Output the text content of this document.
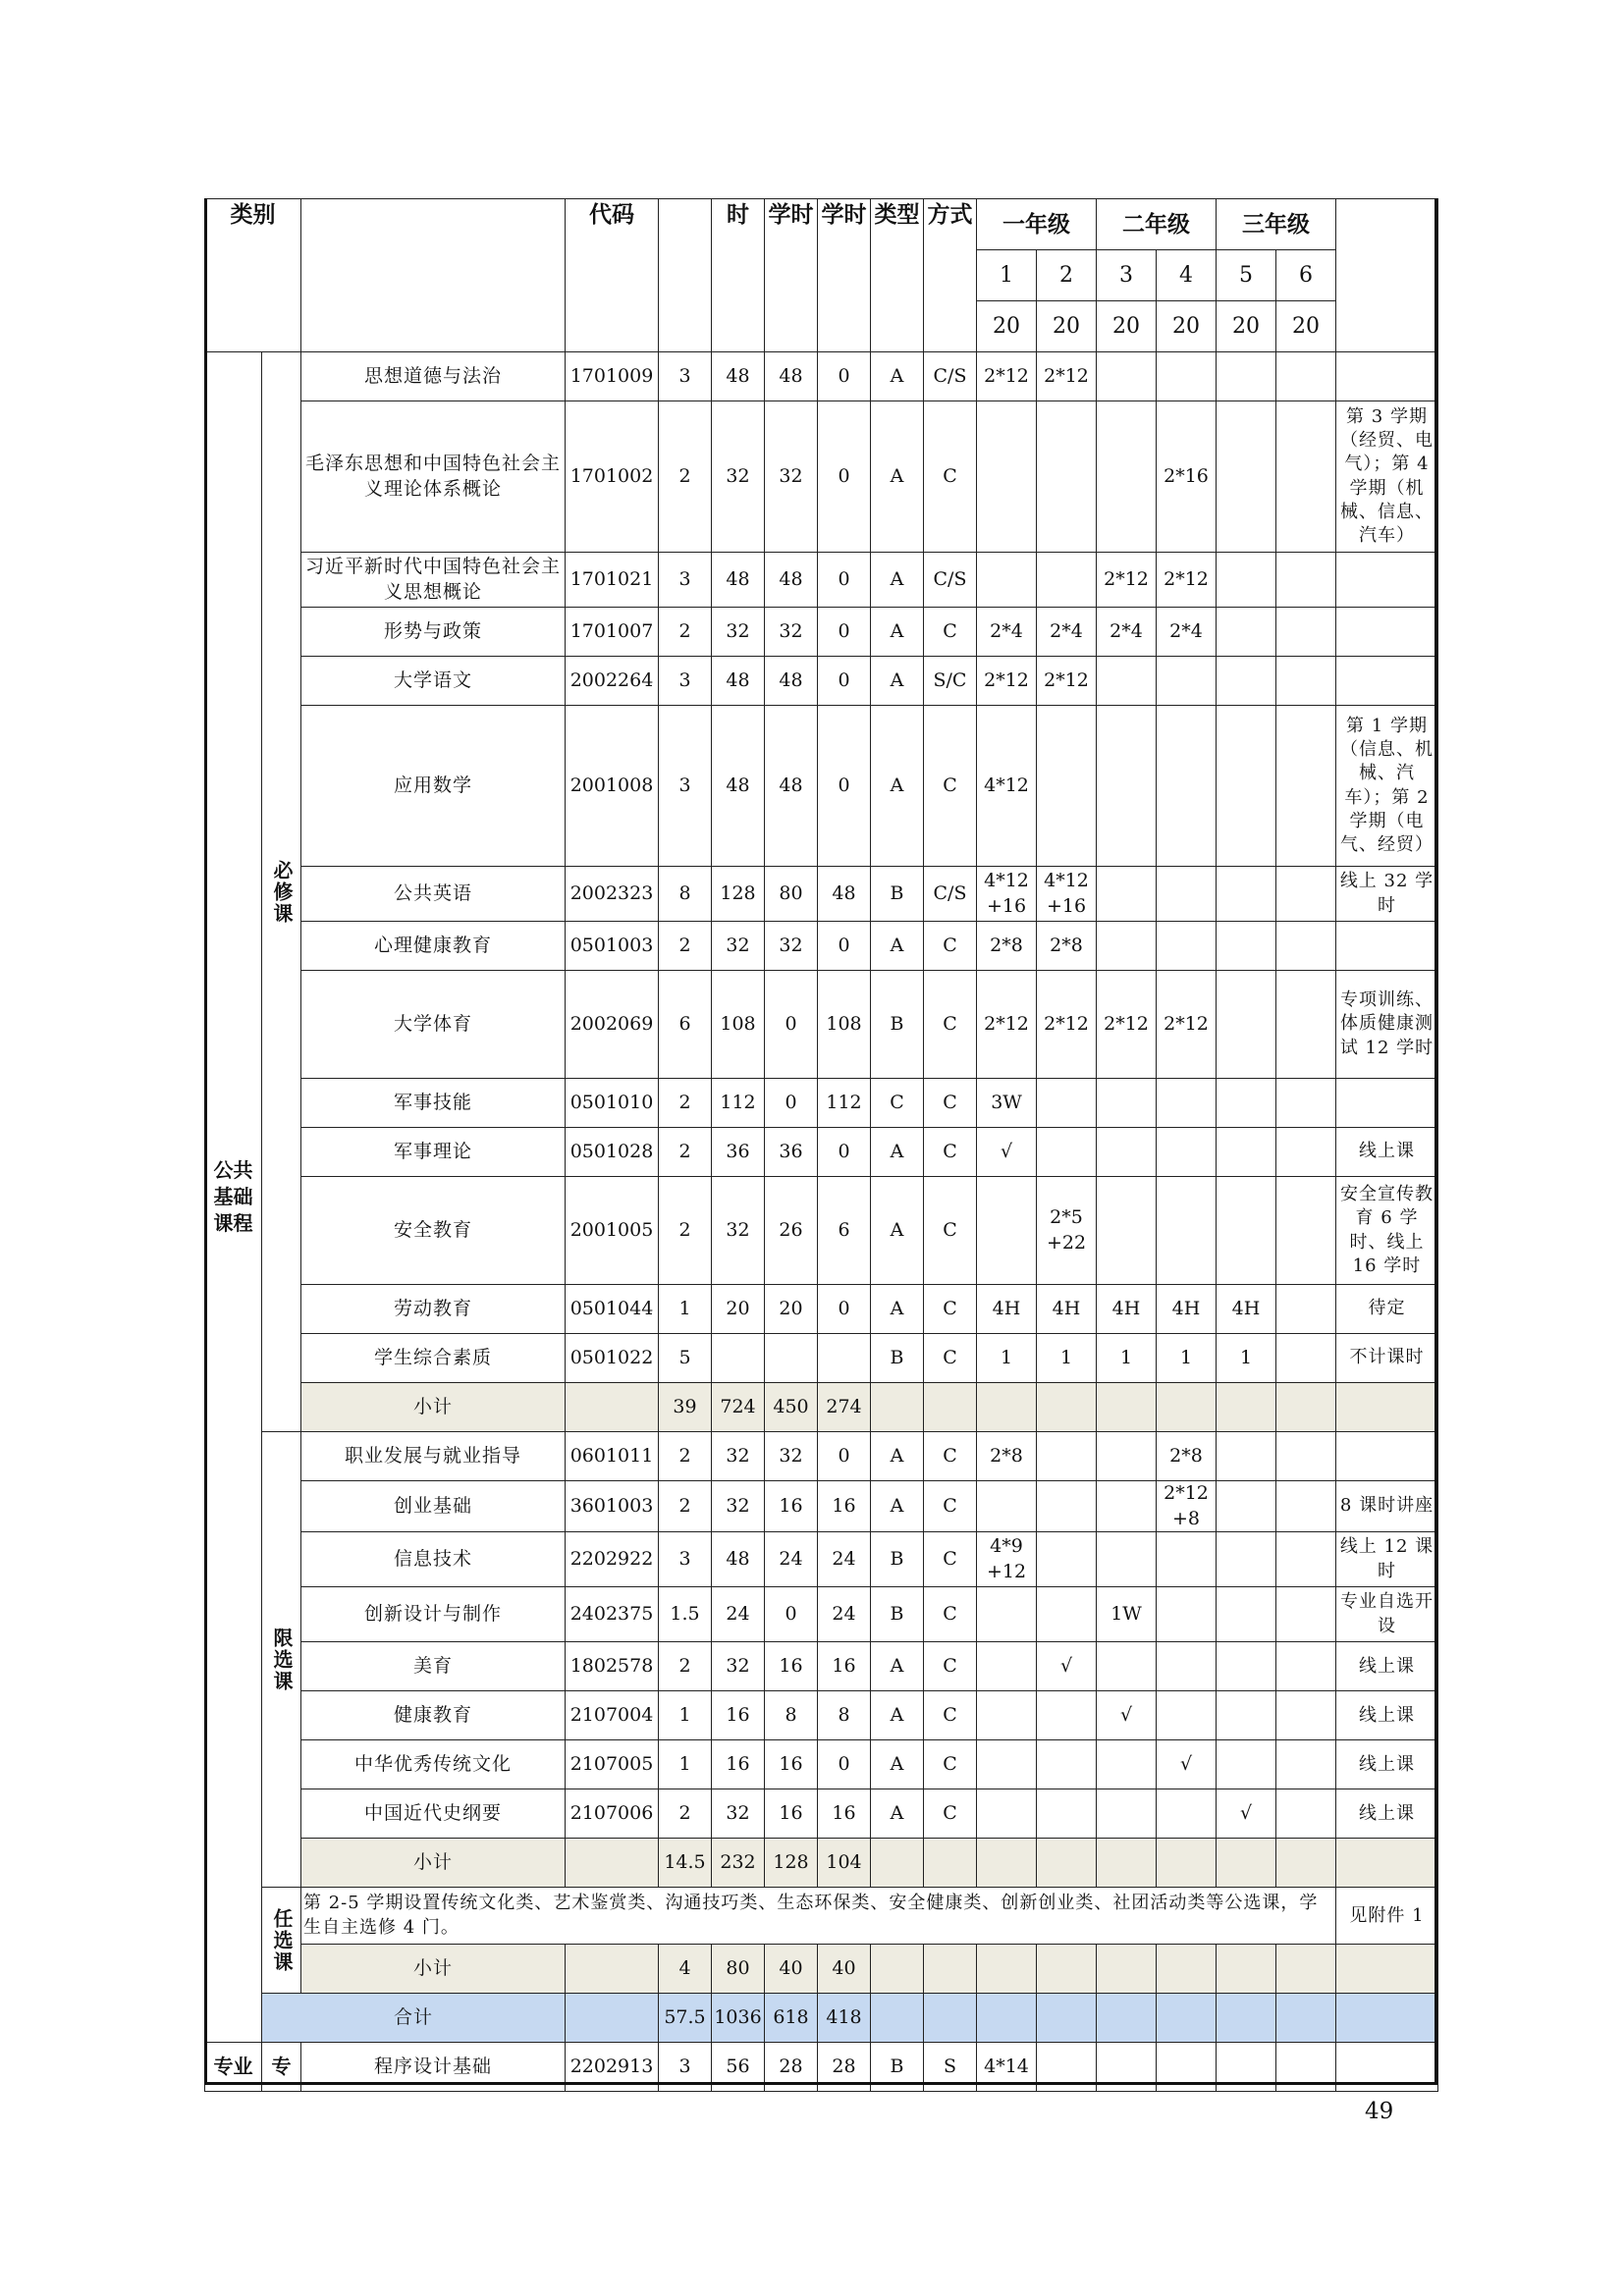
类别			代码		时	学时	学时	类型	方式	一年级		二年级		三年级		
										1	2	3	4	5	6	
										20	20	20	20	20	20	
公共基础课程	必修课	思想道德与法治	1701009	3	48	48	0	A	C/S	2*12	2*12					
		毛泽东思想和中国特色社会主义理论体系概论	1701002	2	32	32	0	A	C				2*16			第 3 学期（经贸、电气）；第 4 学期（机械、信息、汽车）
		习近平新时代中国特色社会主义思想概论	1701021	3	48	48	0	A	C/S			2*12	2*12			
		形势与政策	1701007	2	32	32	0	A	C	2*4	2*4	2*4	2*4			
		大学语文	2002264	3	48	48	0	A	S/C	2*12	2*12					
		应用数学	2001008	3	48	48	0	A	C	4*12						第 1 学期（信息、机械、汽车）；第 2 学期（电气、经贸）
		公共英语	2002323	8	128	80	48	B	C/S	4*12 +16	4*12 +16					线上 32 学时
		心理健康教育	0501003	2	32	32	0	A	C	2*8	2*8					
		大学体育	2002069	6	108	0	108	B	C	2*12	2*12	2*12	2*12			专项训练、体质健康测试 12 学时
		军事技能	0501010	2	112	0	112	C	C	3W						
		军事理论	0501028	2	36	36	0	A	C	√						线上课
		安全教育	2001005	2	32	26	6	A	C		2*5 +22					安全宣传教育 6 学时、线上 16 学时
		劳动教育	0501044	1	20	20	0	A	C	4H	4H	4H	4H	4H		待定
		学生综合素质	0501022	5				B	C	1	1	1	1	1		不计课时
		小计		39	724	450	274									
	限选课	职业发展与就业指导	0601011	2	32	32	0	A	C	2*8			2*8			
		创业基础	3601003	2	32	16	16	A	C				2*12 +8			8 课时讲座
		信息技术	2202922	3	48	24	24	B	C	4*9 +12						线上 12 课时
		创新设计与制作	2402375	1.5	24	0	24	B	C			1W				专业自选开设
		美育	1802578	2	32	16	16	A	C		√					线上课
		健康教育	2107004	1	16	8	8	A	C			√				线上课
		中华优秀传统文化	2107005	1	16	16	0	A	C				√			线上课
		中国近代史纲要	2107006	2	32	16	16	A	C					√		线上课
		小计		14.5	232	128	104									
	任选课	第 2-5 学期设置传统文化类、艺术鉴赏类、沟通技巧类、生态环保类、安全健康类、创新创业类、社团活动类等公选课，学生自主选修 4 门。														见附件 1
		小计		4	80	40	40									
	合计			57.5	1036	618	418									
专业	专	程序设计基础	2202913	3	56	28	28	B	S	4*14						
49
